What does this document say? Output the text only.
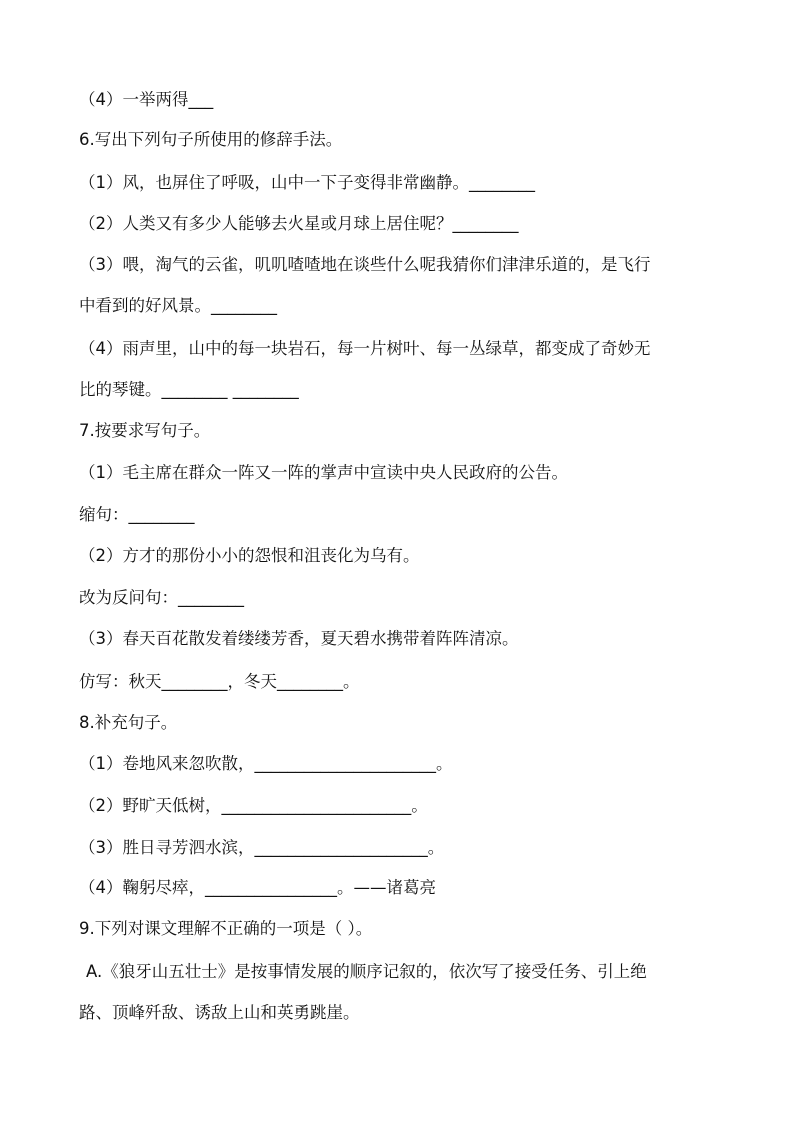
（4）一举两得___
6.写出下列句子所使用的修辞手法。
（1）风，也屏住了呼吸，山中一下子变得非常幽静。________
（2）人类又有多少人能够去火星或月球上居住呢？________
（3）喂，淘气的云雀，叽叽喳喳地在谈些什么呢我猜你们津津乐道的，是飞行
中看到的好风景。________
（4）雨声里，山中的每一块岩石，每一片树叶、每一丛绿草，都变成了奇妙无
比的琴键。________ ________
7.按要求写句子。
（1）毛主席在群众一阵又一阵的掌声中宣读中央人民政府的公告。
缩句：________
（2）方才的那份小小的怨恨和沮丧化为乌有。
改为反问句：________
（3）春天百花散发着缕缕芳香，夏天碧水携带着阵阵清凉。
仿写：秋天________，冬天________。
8.补充句子。
（1）卷地风来忽吹散，______________________。
（2）野旷天低树，_______________________。
（3）胜日寻芳泗水滨，_____________________。
（4）鞠躬尽瘁，________________。——诸葛亮
9.下列对课文理解不正确的一项是（ ）。
A.《狼牙山五壮士》是按事情发展的顺序记叙的，依次写了接受任务、引上绝
路、顶峰歼敌、诱敌上山和英勇跳崖。
